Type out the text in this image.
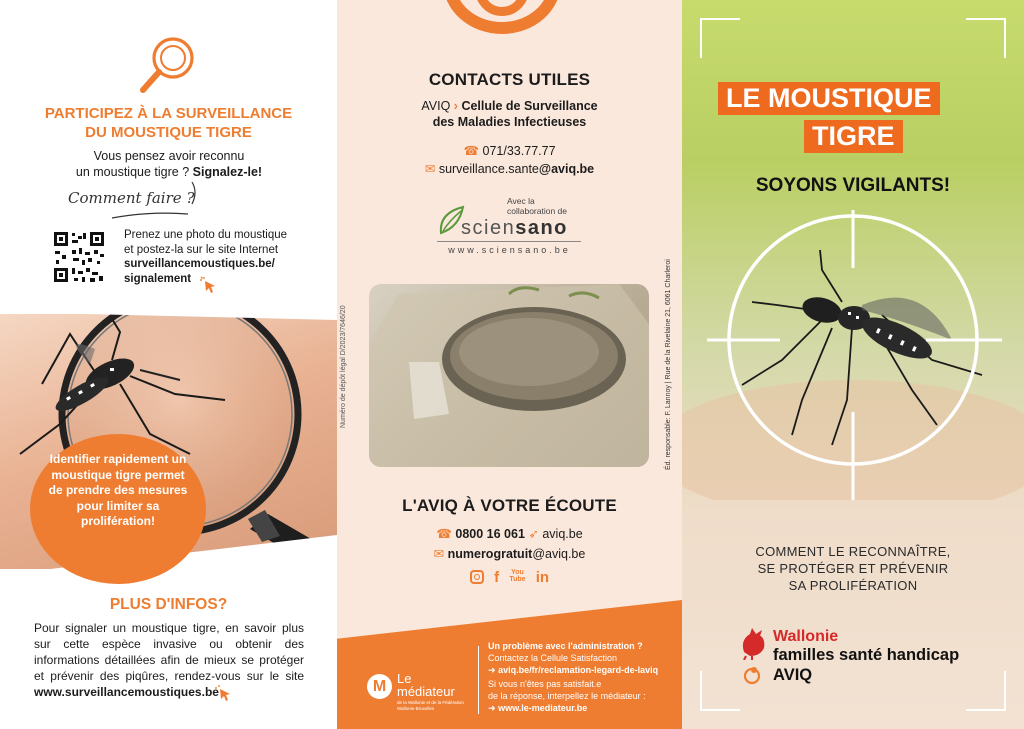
PARTICIPEZ À LA SURVEILLANCE
DU MOUSTIQUE TIGRE
Vous pensez avoir reconnu
un moustique tigre ? Signalez-le!
Comment faire ?
Prenez une photo du moustique
et postez-la sur le site Internet
surveillancemoustiques.be/
signalement
Identifier rapidement un moustique tigre permet de prendre des mesures pour limiter sa prolifération!
PLUS D'INFOS?
Pour signaler un moustique tigre, en savoir plus sur cette espèce invasive ou obtenir des informations détaillées afin de mieux se protéger et prévenir des piqûres, rendez-vous sur le site www.surveillancemoustiques.be
Numéro de dépôt légal D/2023/7646/20
CONTACTS UTILES
AVIQ › Cellule de Surveillance
des Maladies Infectieuses
☎ 071/33.77.77
✉ surveillance.sante@aviq.be
Avec la
collaboration de
sciensano
www.sciensano.be
L'AVIQ À VOTRE ÉCOUTE
☎ 0800 16 061 ➶ aviq.be
✉ numerogratuit@aviq.be
f You
Tube in
M Le
médiateur
de la Wallonie et de la Fédération Wallonie-Bruxelles
Un problème avec l'administration ?
Contactez la Cellule Satisfaction
➜ aviq.be/fr/reclamation-legard-de-laviq
Si vous n'êtes pas satisfait.e
de la réponse, interpellez le médiateur :
➜ www.le-mediateur.be
Éd. responsable: F. Lannoy | Rue de la Rivelaine 21, 6061 Charleroi
LE MOUSTIQUE
TIGRE
SOYONS VIGILANTS!
COMMENT LE RECONNAÎTRE,
SE PROTÉGER ET PRÉVENIR
SA PROLIFÉRATION
Wallonie
familles santé handicap
AVIQ
